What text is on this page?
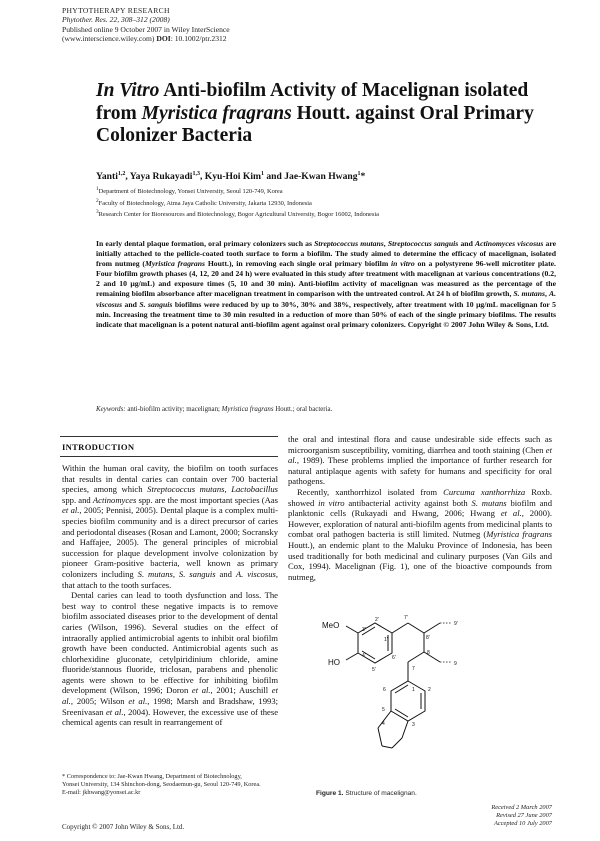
PHYTOTHERAPY RESEARCH
Phytother. Res. 22, 308–312 (2008)
Published online 9 October 2007 in Wiley InterScience
(www.interscience.wiley.com) DOI: 10.1002/ptr.2312
In Vitro Anti-biofilm Activity of Macelignan isolated from Myristica fragrans Houtt. against Oral Primary Colonizer Bacteria
Yanti$^{1,2}$, Yaya Rukayadi$^{1,3}$, Kyu-Hoi Kim$^1$ and Jae-Kwan Hwang$^1$*
$^1$Department of Biotechnology, Yonsei University, Seoul 120-749, Korea
$^2$Faculty of Biotechnology, Atma Jaya Catholic University, Jakarta 12930, Indonesia
$^3$Research Center for Bioresources and Biotechnology, Bogor Agricultural University, Bogor 16002, Indonesia

In early dental plaque formation, oral primary colonizers such as Streptococcus mutans, Streptococcus sanguis and Actinomyces viscosus are initially attached to the pellicle-coated tooth surface to form a biofilm. The study aimed to determine the efficacy of macelignan, isolated from nutmeg (Myristica fragrans Houtt.), in removing each single oral primary biofilm in vitro on a polystyrene 96-well microtiter plate. Four biofilm growth phases (4, 12, 20 and 24 h) were evaluated in this study after treatment with macelignan at various concentrations (0.2, 2 and 10 μg/mL) and exposure times (5, 10 and 30 min). Anti-biofilm activity of macelignan was measured as the percentage of the remaining biofilm absorbance after macelignan treatment in comparison with the untreated control. At 24 h of biofilm growth, S. mutans, A. viscosus and S. sanguis biofilms were reduced by up to 30%, 30% and 38%, respectively, after treatment with 10 μg/mL macelignan for 5 min. Increasing the treatment time to 30 min resulted in a reduction of more than 50% of each of the single primary biofilms. The results indicate that macelignan is a potent natural anti-biofilm agent against oral primary colonizers. Copyright © 2007 John Wiley & Sons, Ltd.

Keywords: anti-biofilm activity; macelignan; Myristica fragrans Houtt.; oral bacteria.
INTRODUCTION

Within the human oral cavity, the biofilm on tooth surfaces that results in dental caries can contain over 700 bacterial species, among which Streptococcus mutans, Lactobacillus spp. and Actinomyces spp. are the most important species (Aas et al., 2005; Pennisi, 2005). Dental plaque is a complex multi-species biofilm community and is a direct precursor of caries and periodontal diseases (Rosan and Lamont, 2000; Socransky and Haffajee, 2005). The general principles of microbial succession for plaque development involve colonization by pioneer Gram-positive bacteria, well known as primary colonizers including S. mutans, S. sanguis and A. viscosus, that attach to the tooth surfaces.

Dental caries can lead to tooth dysfunction and loss. The best way to control these negative impacts is to remove biofilm associated diseases prior to the development of dental caries (Wilson, 1996). Several studies on the effect of intraorally applied antimicrobial agents to inhibit oral biofilm growth have been conducted. Antimicrobial agents such as chlorhexidine gluconate, cetylpiridinium chloride, amine fluoride/stannous fluoride, triclosan, parabens and phenolic agents were shown to be effective for inhibiting biofilm development (Wilson, 1996; Doron et al., 2001; Auschill et al., 2005; Wilson et al., 1998; Marsh and Bradshaw, 1993; Sreenivasan et al., 2004). However, the excessive use of these chemical agents can result in rearrangement of

the oral and intestinal flora and cause undesirable side effects such as microorganism susceptibility, vomiting, diarrhea and tooth staining (Chen et al., 1989). These problems implied the importance of further research for natural antiplaque agents with safety for humans and specificity for oral pathogens.

Recently, xanthorrhizol isolated from Curcuma xanthorrhiza Roxb. showed in vitro antibacterial activity against both S. mutans biofilm and planktonic cells (Rukayadi and Hwang, 2006; Hwang et al., 2000). However, exploration of natural anti-biofilm agents from medicinal plants to combat oral pathogen bacteria is still limited. Nutmeg (Myristica fragrans Houtt.), an endemic plant to the Maluku Province of Indonesia, has been used traditionally for both medicinal and culinary purposes (Van Gils and Cox, 1994). Macelignan (Fig. 1), one of the bioactive compounds from nutmeg,

MeO
HO
3'
4'
2'
5'
6'
1'
7'
8'
9'
7
8
9
1	2
3
4
5
6
Figure 1. Structure of macelignan.
* Correspondence to: Jae-Kwan Hwang, Department of Biotechnology,
Yonsei University, 134 Shinchon-dong, Seodaemun-gu, Seoul 120-749, Korea.
E-mail: jkhwang@yonsei.ac.kr
Received 2 March 2007
Revised 27 June 2007
Accepted 10 July 2007
Copyright © 2007 John Wiley & Sons, Ltd.
